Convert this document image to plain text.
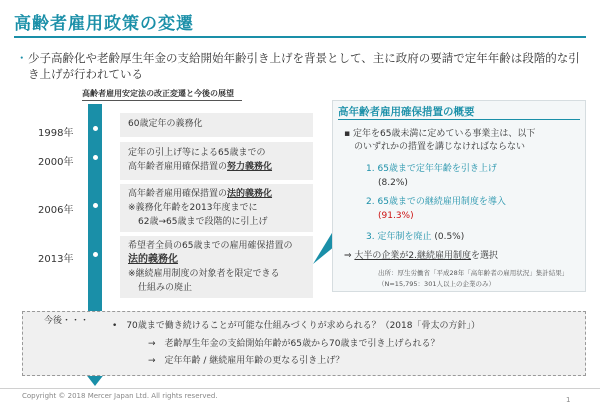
高齢者雇用政策の変遷
・ 少子高齢化や老齢厚生年金の支給開始年齢引き上げを背景として、主に政府の要請で定年年齢は段階的な引き上げが行われている
高齢者雇用安定法の改正変遷と今後の展望
1998年
60歳定年の義務化
2000年
定年の引上げ等による65歳までの
高年齢者雇用確保措置の努力義務化
2006年
高年齢者雇用確保措置の法的義務化
※義務化年齢を2013年度までに
62歳→65歳まで段階的に引上げ
2013年
希望者全員の65歳までの雇用確保措置の
法的義務化
※継続雇用制度の対象者を限定できる
仕組みの廃止
高年齢者雇用確保措置の概要
▪ 定年を65歳未満に定めている事業主は、以下
のいずれかの措置を講じなければならない
1. 65歳まで定年年齢を引き上げ
(8.2%)
2. 65歳までの継続雇用制度を導入
(91.3%)
3. 定年制を廃止 (0.5%)
⇒ 大半の企業が2.継続雇用制度を選択
出所：厚生労働省「平成28年「高年齢者の雇用状況」集計結果」
（N=15,795：301人以上の企業のみ）
今後・・・	•　70歳まで働き続けることが可能な仕組みづくりが求められる？（2018「骨太の方針」）
→　老齢厚生年金の支給開始年齢が65歳から70歳まで引き上げられる？
→　定年年齢 / 継続雇用年齢の更なる引き上げ？
Copyright © 2018 Mercer Japan Ltd. All rights reserved.	1
